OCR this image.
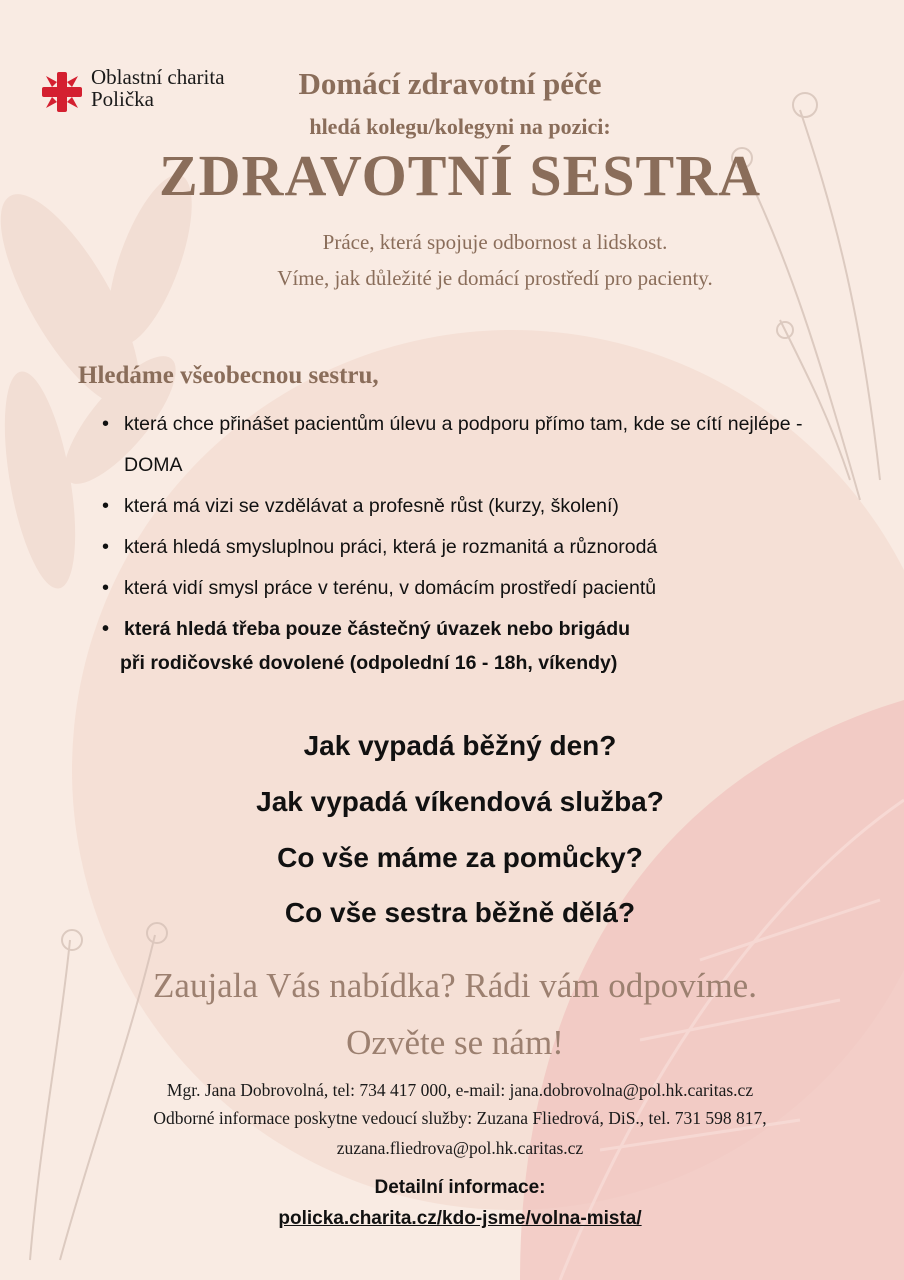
Oblastní charita
Polička	Domácí zdravotní péče
hledá kolegu/kolegyni na pozici:
ZDRAVOTNÍ SESTRA
Práce, která spojuje odbornost a lidskost.
Víme, jak důležité je domácí prostředí pro pacienty.
Hledáme všeobecnou sestru,
• která chce přinášet pacientům úlevu a podporu přímo tam, kde se cítí nejlépe - DOMA
• která má vizi se vzdělávat a profesně růst (kurzy, školení)
• která hledá smysluplnou práci, která je rozmanitá a různorodá
• která vidí smysl práce v terénu, v domácím prostředí pacientů
• která hledá třeba pouze částečný úvazek nebo brigádu
při rodičovské dovolené (odpolední 16 - 18h, víkendy)
Jak vypadá běžný den?
Jak vypadá víkendová služba?
Co vše máme za pomůcky?
Co vše sestra běžně dělá?
Zaujala Vás nabídka? Rádi vám odpovíme.
Ozvěte se nám!
Mgr. Jana Dobrovolná, tel: 734 417 000, e-mail: jana.dobrovolna@pol.hk.caritas.cz
Odborné informace poskytne vedoucí služby: Zuzana Fliedrová, DiS., tel. 731 598 817,
zuzana.fliedrova@pol.hk.caritas.cz
Detailní informace:
policka.charita.cz/kdo-jsme/volna-mista/
